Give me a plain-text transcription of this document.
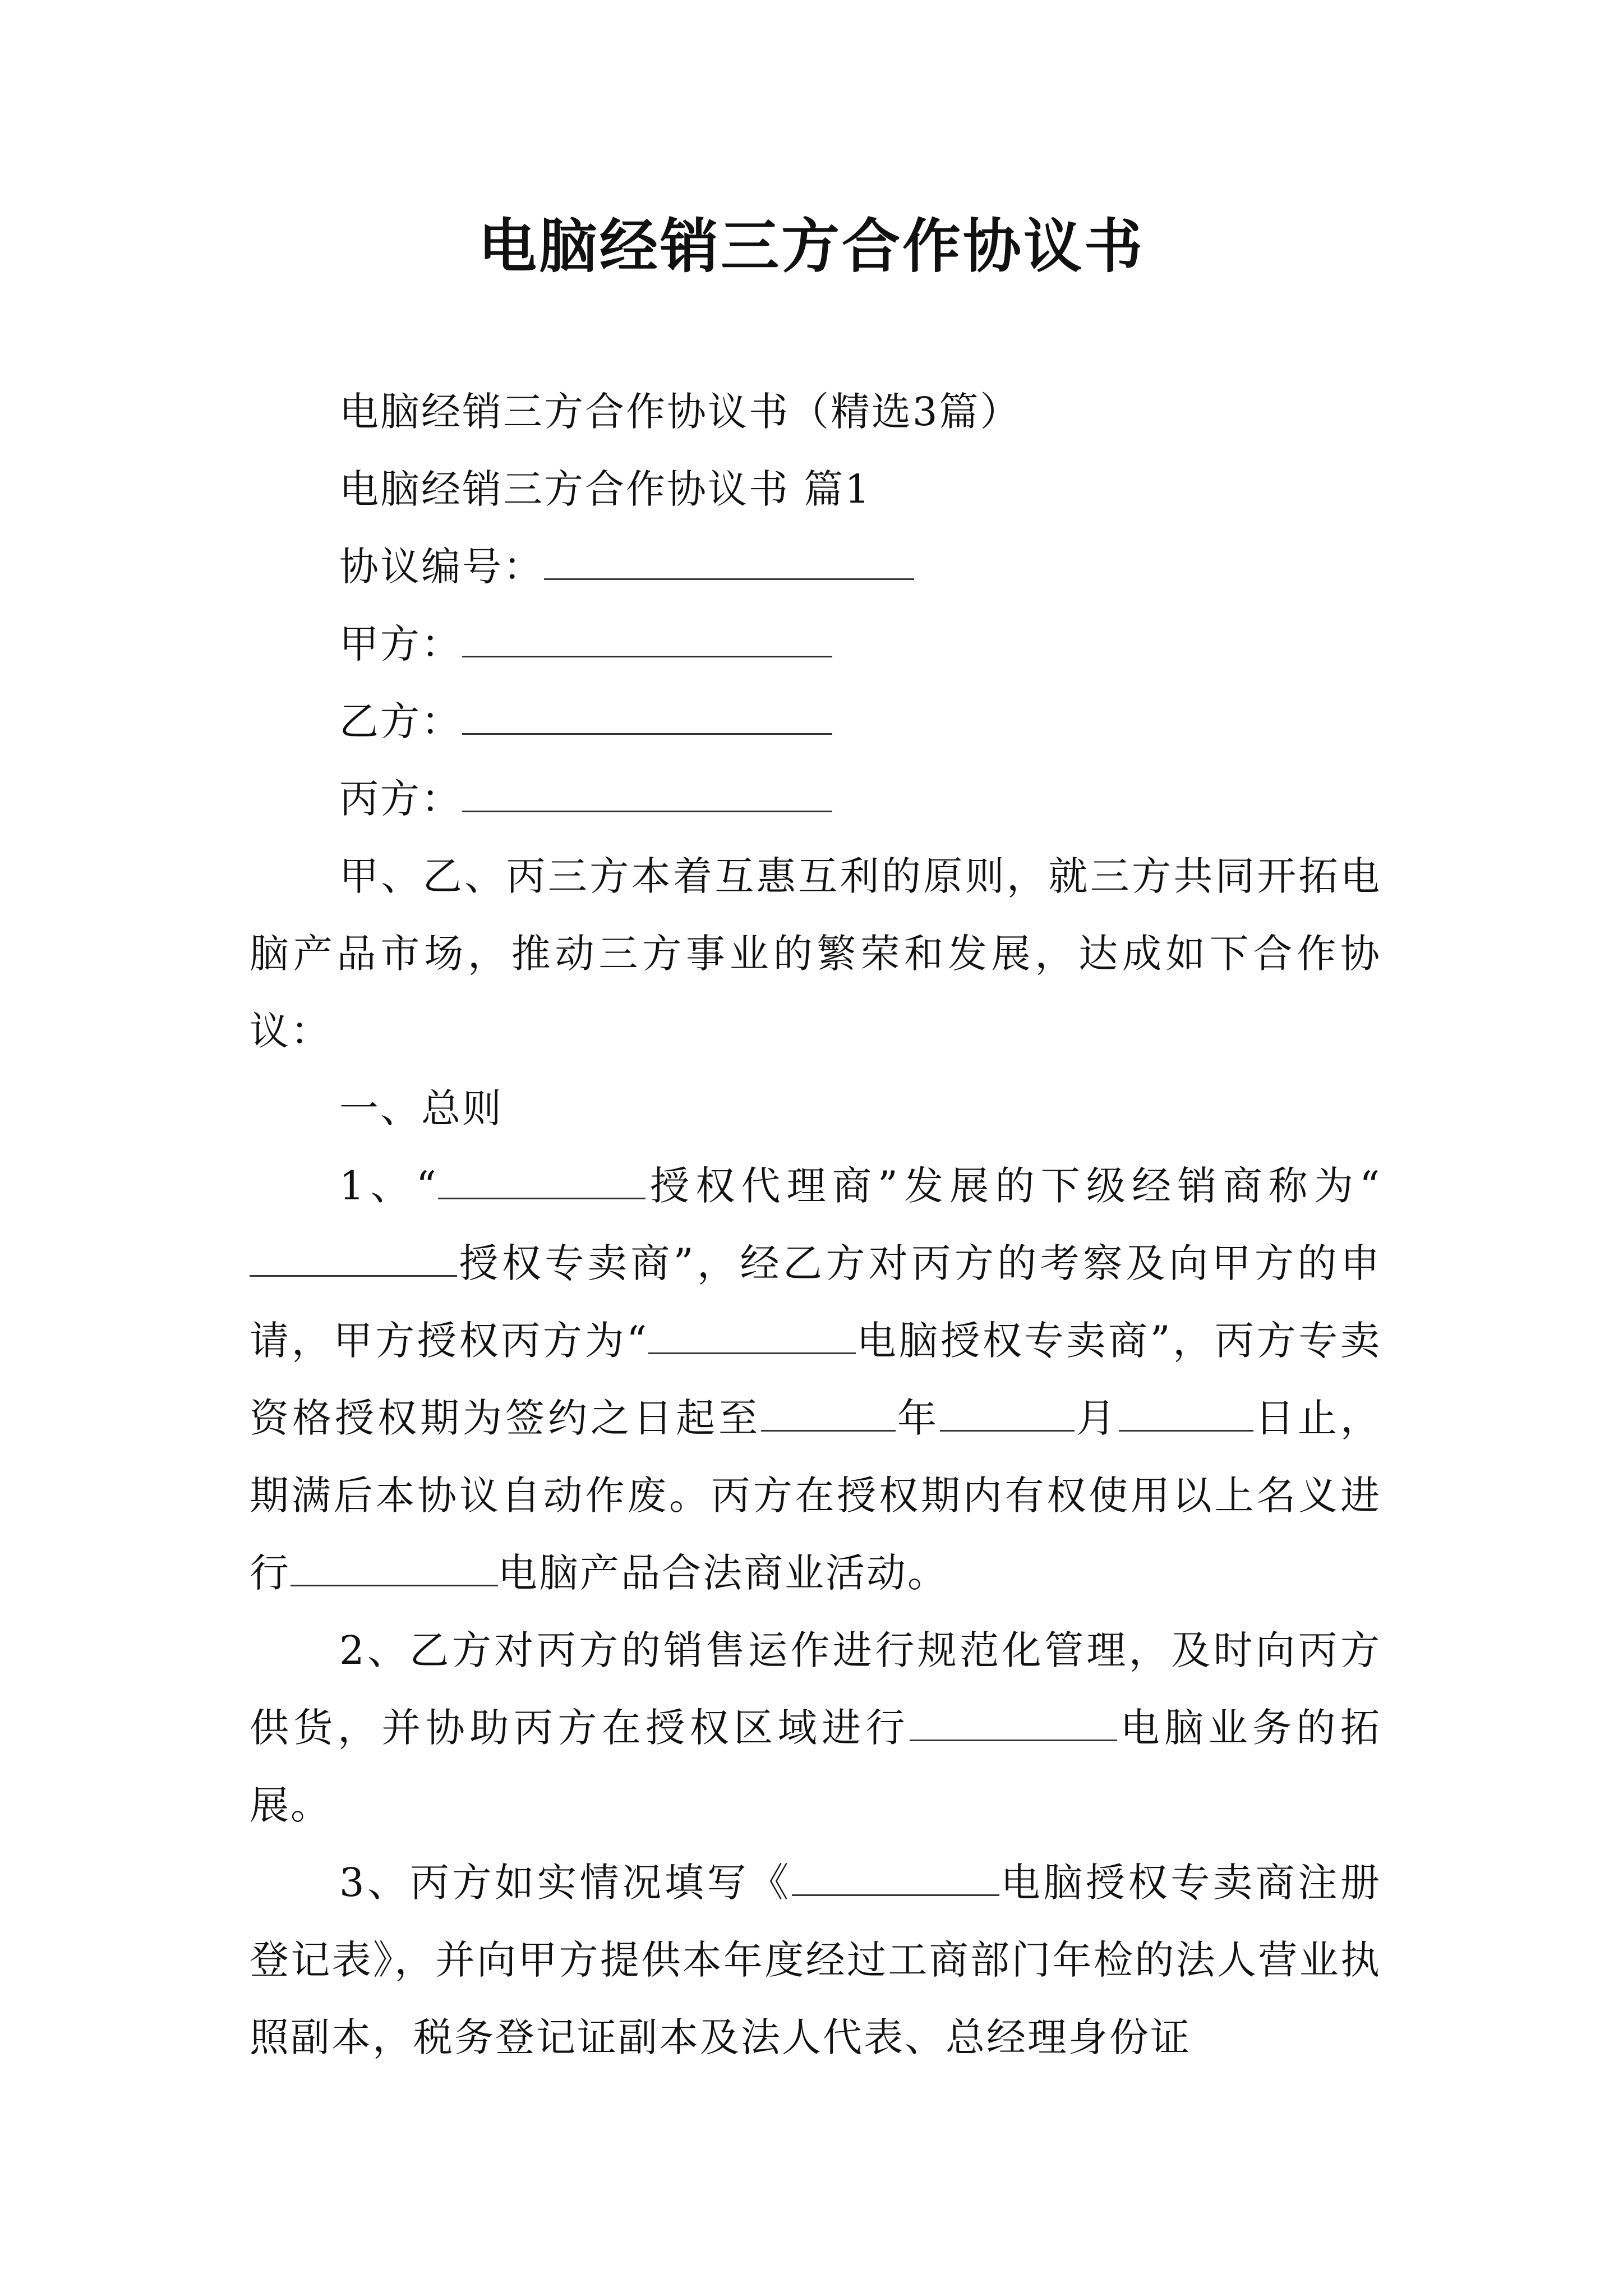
电脑经销三方合作协议书

电脑经销三方合作协议书（精选3篇）

电脑经销三方合作协议书 篇1

协议编号：

甲方：

乙方：

丙方：

甲、乙、丙三方本着互惠互利的原则，就三方共同开拓电脑产品市场，推动三方事业的繁荣和发展，达成如下合作协议：

一、总则

1、“	授权代理商”发展的下级经销商称为“授权专卖商”，经乙方对丙方的考察及向甲方的申请，甲方授权丙方为“	电脑授权专卖商”，丙方专卖资格授权期为签约之日起至	年	月	日止，期满后本协议自动作废。丙方在授权期内有权使用以上名义进行	电脑产品合法商业活动。

2、乙方对丙方的销售运作进行规范化管理，及时向丙方供货，并协助丙方在授权区域进行	电脑业务的拓展。

3、丙方如实情况填写《	电脑授权专卖商注册登记表》，并向甲方提供本年度经过工商部门年检的法人营业执照副本，税务登记证副本及法人代表、总经理身份证
